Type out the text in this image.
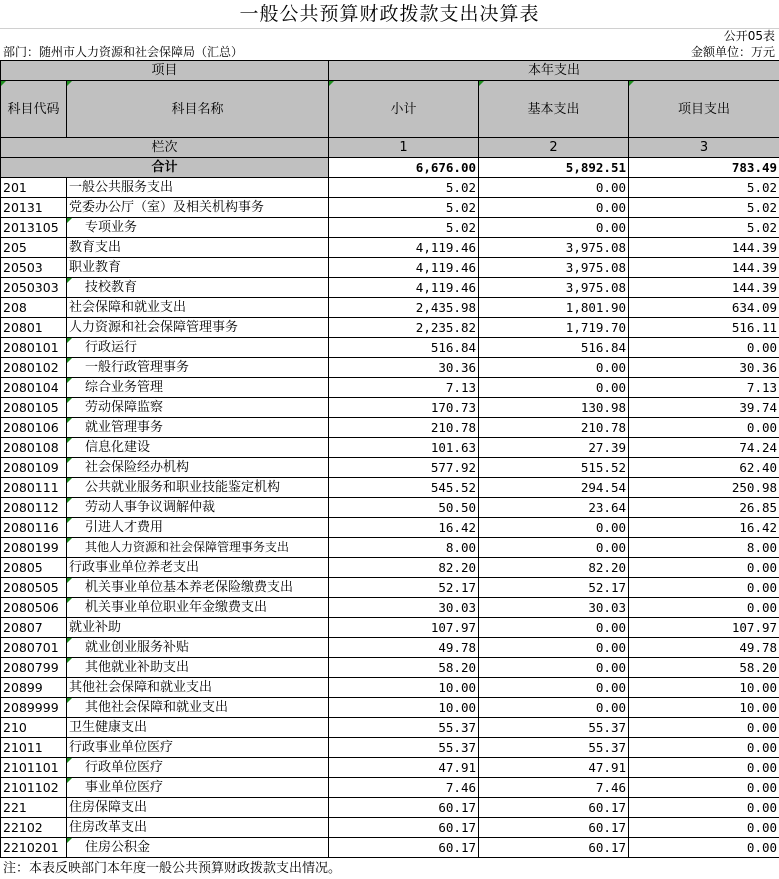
一般公共预算财政拨款支出决算表
公开05表
部门：随州市人力资源和社会保障局（汇总）	金额单位：万元
项目		本年支出		
科目代码	科目名称	小计	基本支出	项目支出
栏次		1	2	3
合计		6,676.00	5,892.51	783.49
201	一般公共服务支出	5.02	0.00	5.02
20131	党委办公厅（室）及相关机构事务	5.02	0.00	5.02
2013105	专项业务	5.02	0.00	5.02
205	教育支出	4,119.46	3,975.08	144.39
20503	职业教育	4,119.46	3,975.08	144.39
2050303	技校教育	4,119.46	3,975.08	144.39
208	社会保障和就业支出	2,435.98	1,801.90	634.09
20801	人力资源和社会保障管理事务	2,235.82	1,719.70	516.11
2080101	行政运行	516.84	516.84	0.00
2080102	一般行政管理事务	30.36	0.00	30.36
2080104	综合业务管理	7.13	0.00	7.13
2080105	劳动保障监察	170.73	130.98	39.74
2080106	就业管理事务	210.78	210.78	0.00
2080108	信息化建设	101.63	27.39	74.24
2080109	社会保险经办机构	577.92	515.52	62.40
2080111	公共就业服务和职业技能鉴定机构	545.52	294.54	250.98
2080112	劳动人事争议调解仲裁	50.50	23.64	26.85
2080116	引进人才费用	16.42	0.00	16.42
2080199	其他人力资源和社会保障管理事务支出	8.00	0.00	8.00
20805	行政事业单位养老支出	82.20	82.20	0.00
2080505	机关事业单位基本养老保险缴费支出	52.17	52.17	0.00
2080506	机关事业单位职业年金缴费支出	30.03	30.03	0.00
20807	就业补助	107.97	0.00	107.97
2080701	就业创业服务补贴	49.78	0.00	49.78
2080799	其他就业补助支出	58.20	0.00	58.20
20899	其他社会保障和就业支出	10.00	0.00	10.00
2089999	其他社会保障和就业支出	10.00	0.00	10.00
210	卫生健康支出	55.37	55.37	0.00
21011	行政事业单位医疗	55.37	55.37	0.00
2101101	行政单位医疗	47.91	47.91	0.00
2101102	事业单位医疗	7.46	7.46	0.00
221	住房保障支出	60.17	60.17	0.00
22102	住房改革支出	60.17	60.17	0.00
2210201	住房公积金	60.17	60.17	0.00
注：本表反映部门本年度一般公共预算财政拨款支出情况。
